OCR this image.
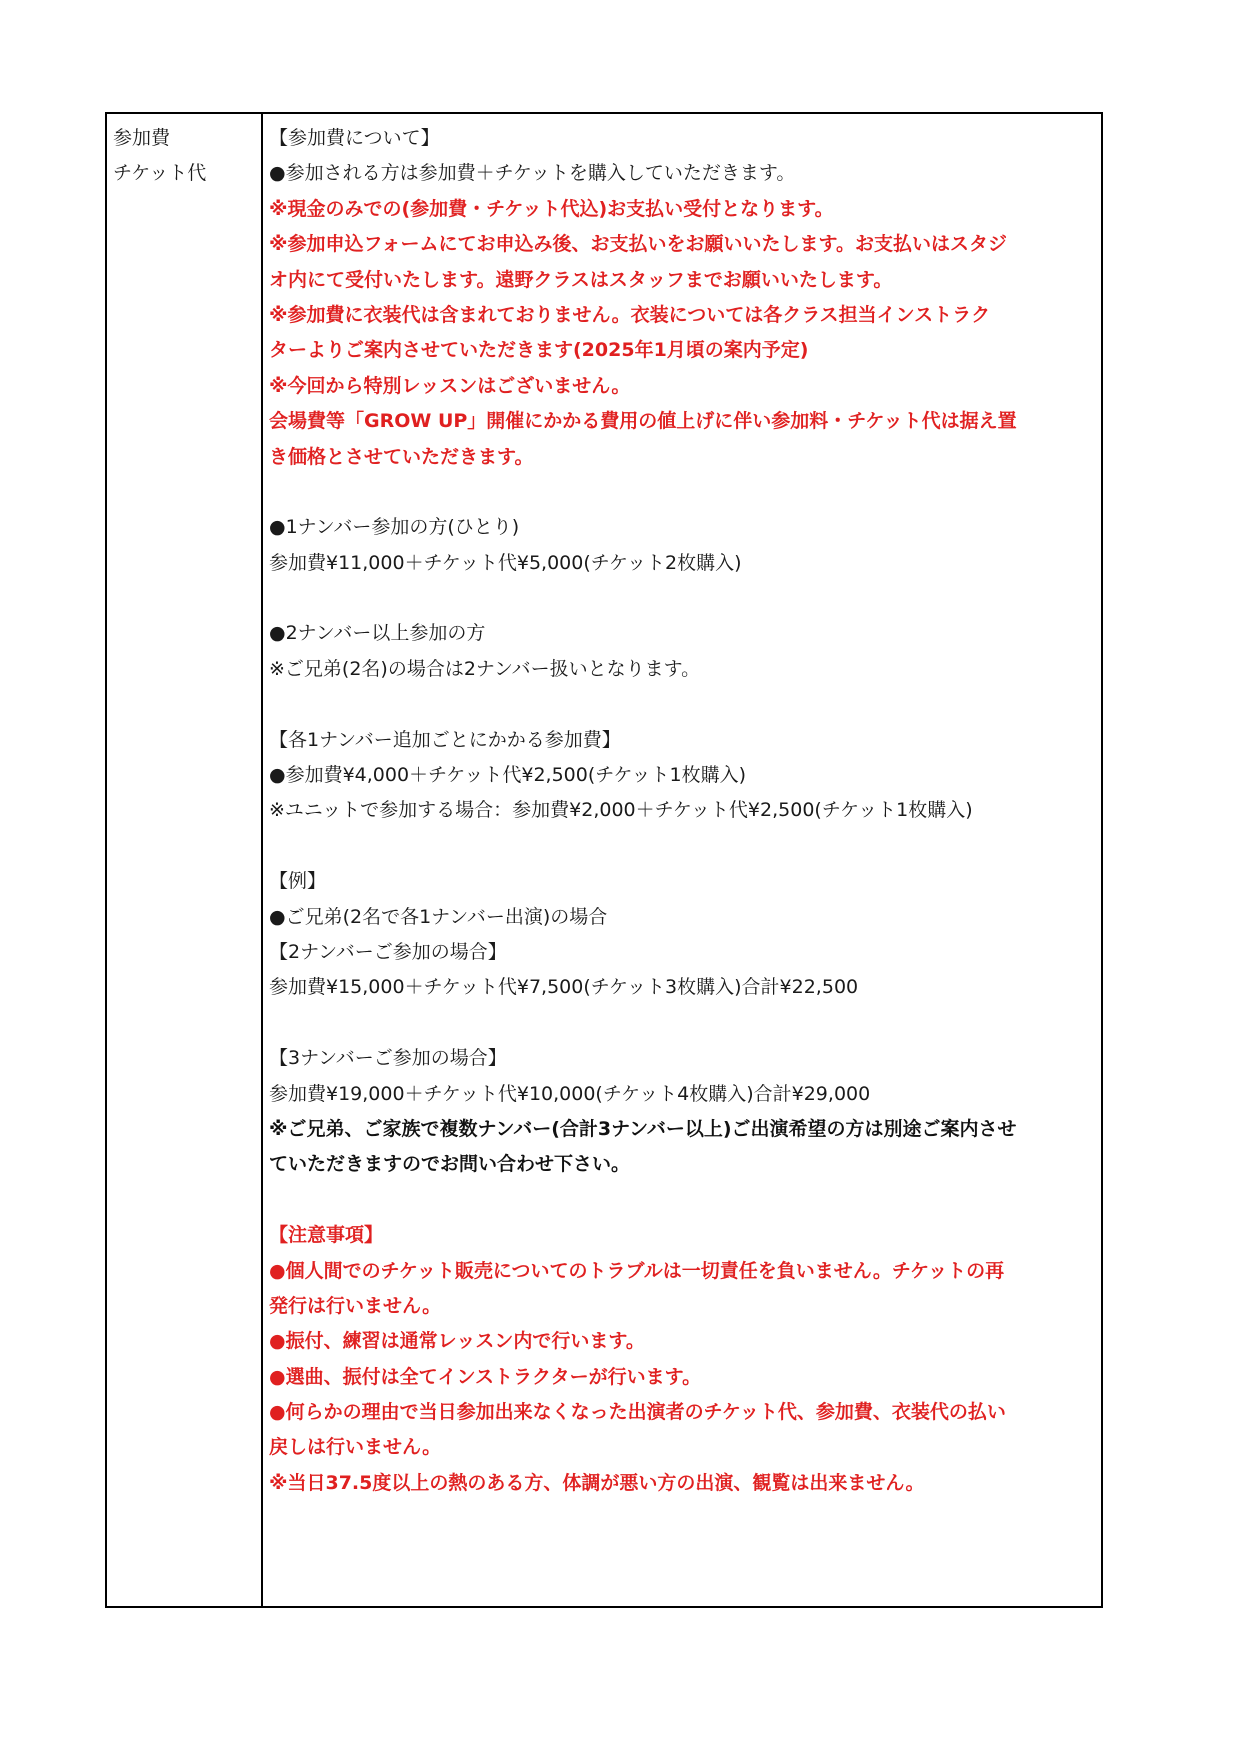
参加費
チケット代
【参加費について】
●参加される方は参加費＋チケットを購入していただきます。
※現金のみでの(参加費・チケット代込)お支払い受付となります。
※参加申込フォームにてお申込み後、お支払いをお願いいたします。お支払いはスタジ
オ内にて受付いたします。遠野クラスはスタッフまでお願いいたします。
※参加費に衣装代は含まれておりません。衣装については各クラス担当インストラク
ターよりご案内させていただきます(2025年1月頃の案内予定)
※今回から特別レッスンはございません。
会場費等「GROW UP」開催にかかる費用の値上げに伴い参加料・チケット代は据え置
き価格とさせていただきます。
●1ナンバー参加の方(ひとり)
参加費¥11,000＋チケット代¥5,000(チケット2枚購入)
●2ナンバー以上参加の方
※ご兄弟(2名)の場合は2ナンバー扱いとなります。
【各1ナンバー追加ごとにかかる参加費】
●参加費¥4,000＋チケット代¥2,500(チケット1枚購入)
※ユニットで参加する場合：参加費¥2,000＋チケット代¥2,500(チケット1枚購入)
【例】
●ご兄弟(2名で各1ナンバー出演)の場合
【2ナンバーご参加の場合】
参加費¥15,000＋チケット代¥7,500(チケット3枚購入)合計¥22,500
【3ナンバーご参加の場合】
参加費¥19,000＋チケット代¥10,000(チケット4枚購入)合計¥29,000
※ご兄弟、ご家族で複数ナンバー(合計3ナンバー以上)ご出演希望の方は別途ご案内させ
ていただきますのでお問い合わせ下さい。
【注意事項】
●個人間でのチケット販売についてのトラブルは一切責任を負いません。チケットの再
発行は行いません。
●振付、練習は通常レッスン内で行います。
●選曲、振付は全てインストラクターが行います。
●何らかの理由で当日参加出来なくなった出演者のチケット代、参加費、衣装代の払い
戻しは行いません。
※当日37.5度以上の熱のある方、体調が悪い方の出演、観覧は出来ません。
